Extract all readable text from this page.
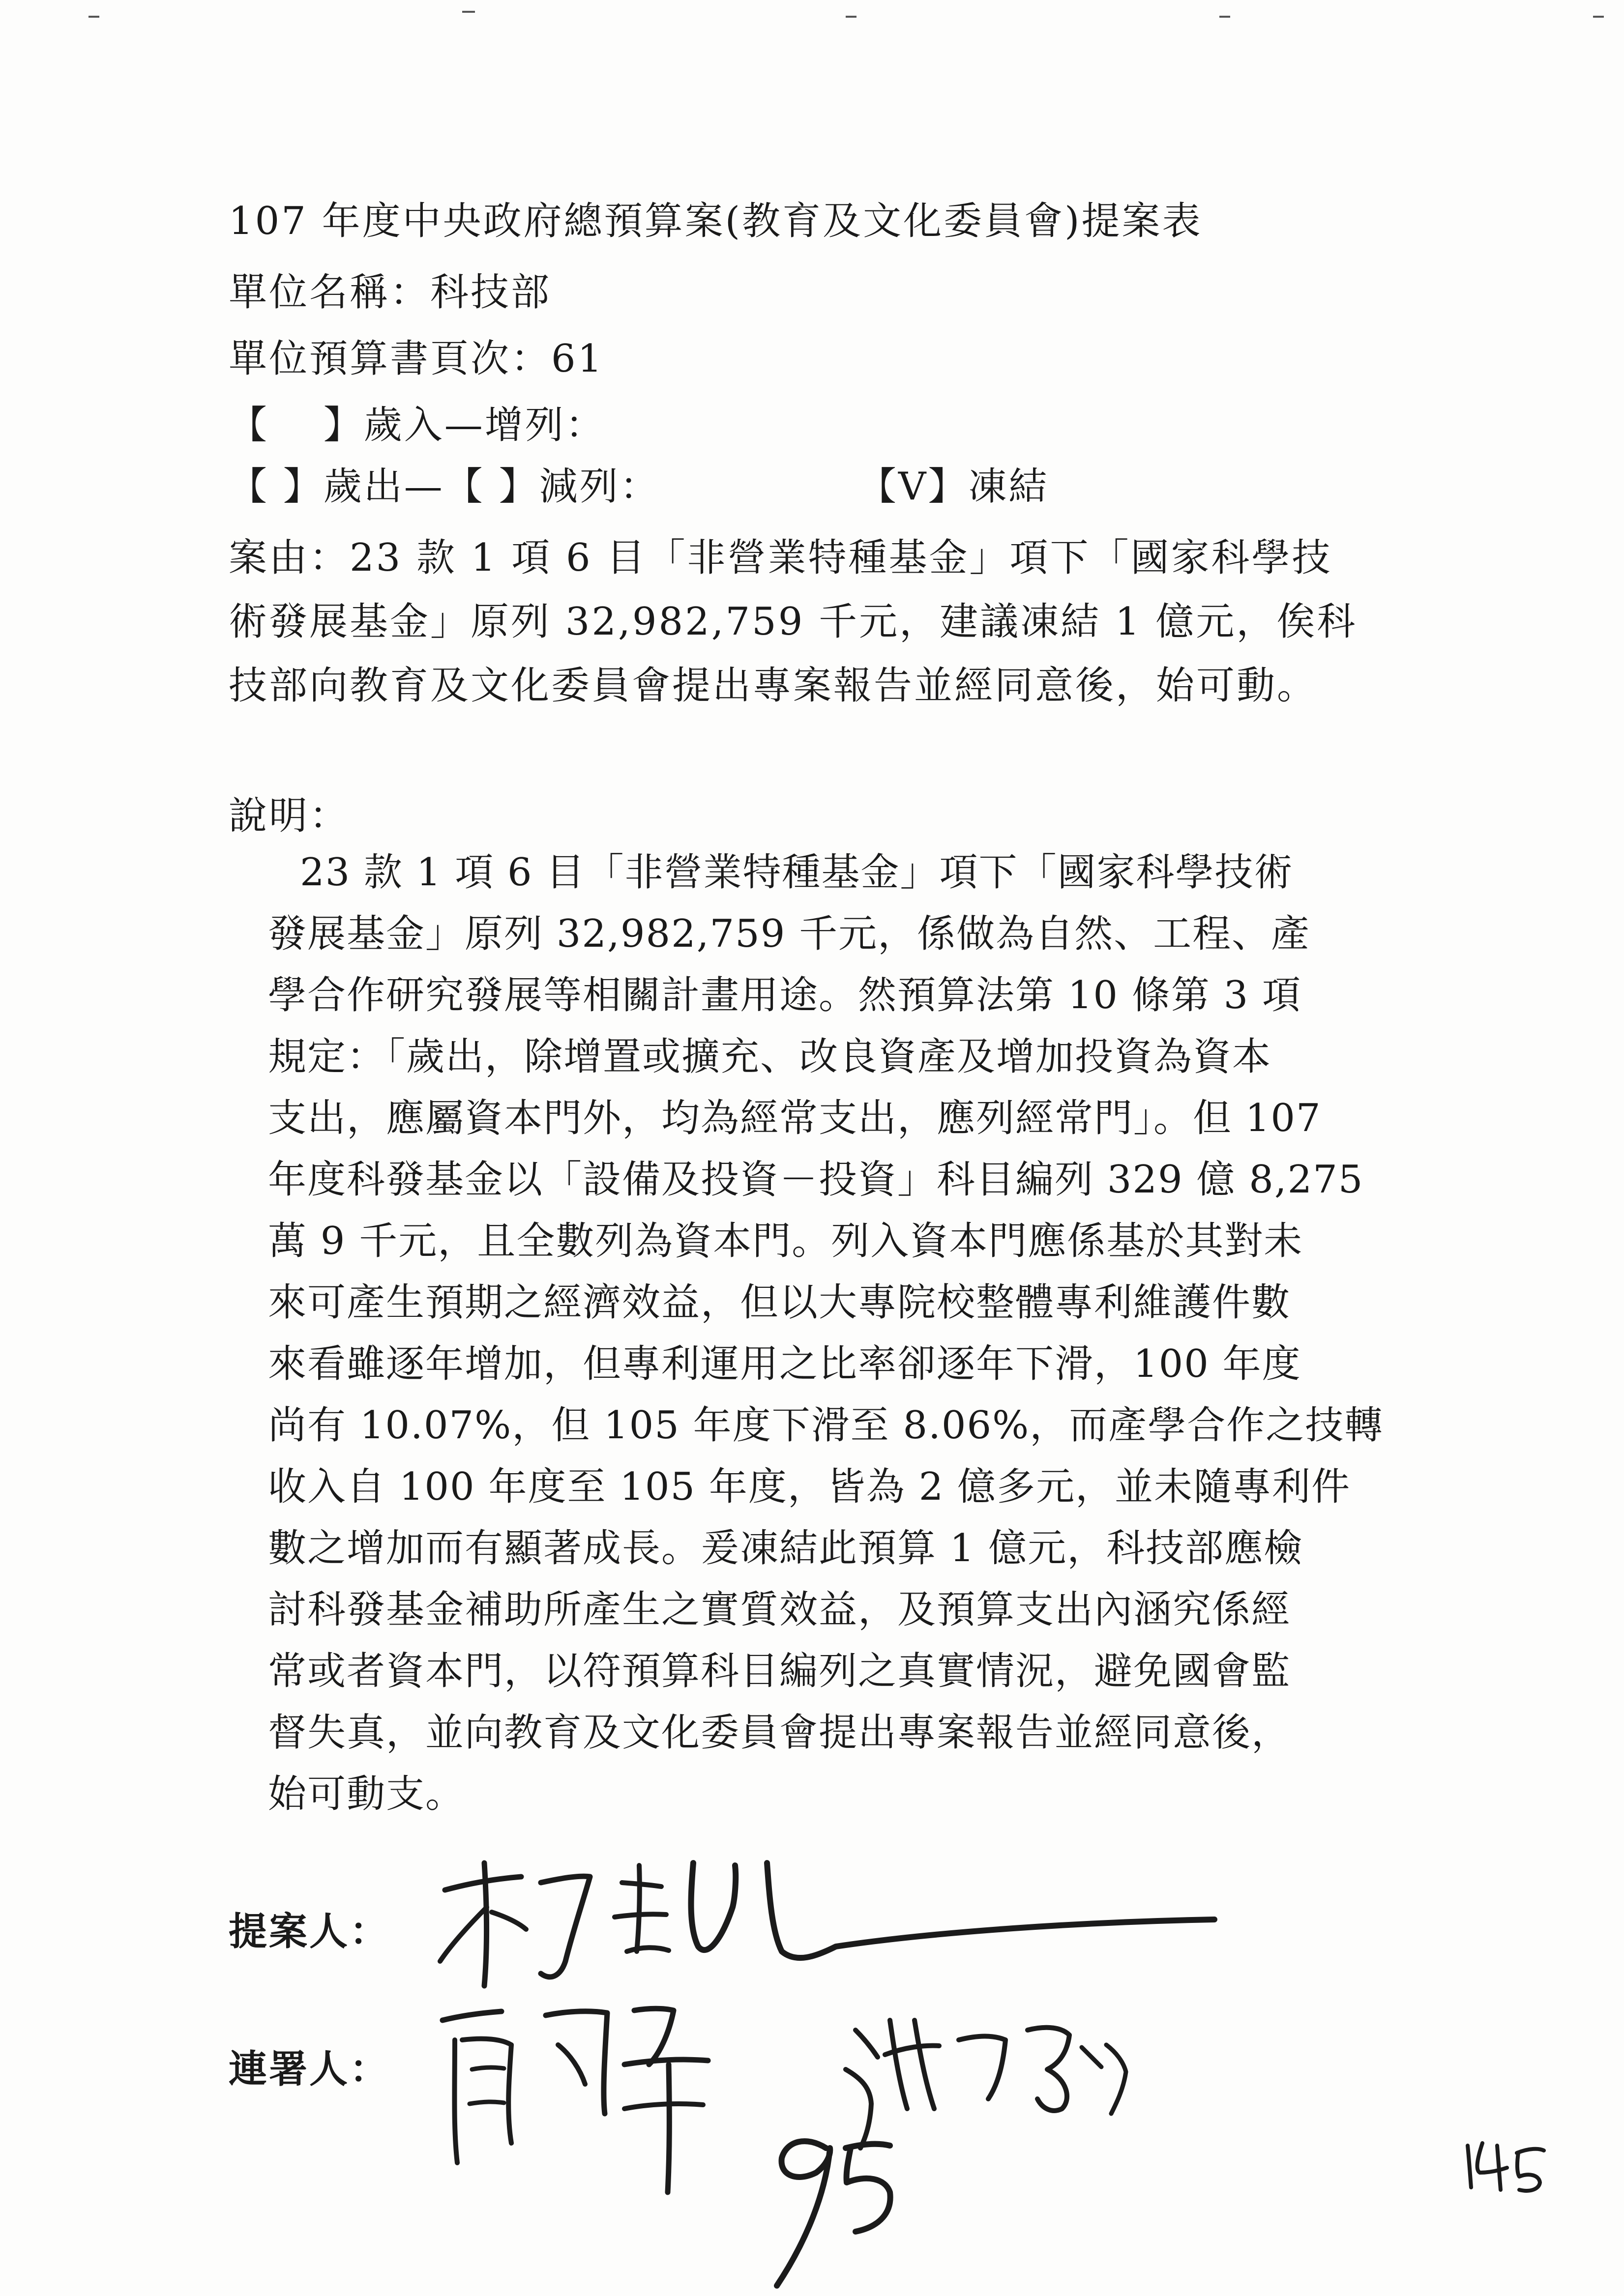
107 年度中央政府總預算案(教育及文化委員會)提案表
單位名稱：科技部
單位預算書頁次：61
【　 】歲入—增列：
【 】歲出—【 】減列：	【V】凍結
案由：23 款 1 項 6 目「非營業特種基金」項下「國家科學技
術發展基金」原列 32,982,759 千元，建議凍結 1 億元，俟科
技部向教育及文化委員會提出專案報告並經同意後，始可動。
說明：
23 款 1 項 6 目「非營業特種基金」項下「國家科學技術
發展基金」原列 32,982,759 千元，係做為自然、工程、產
學合作研究發展等相關計畫用途。然預算法第 10 條第 3 項
規定：「歲出，除增置或擴充、改良資產及增加投資為資本
支出，應屬資本門外，均為經常支出，應列經常門」。但 107
年度科發基金以「設備及投資－投資」科目編列 329 億 8,275
萬 9 千元，且全數列為資本門。列入資本門應係基於其對未
來可產生預期之經濟效益，但以大專院校整體專利維護件數
來看雖逐年增加，但專利運用之比率卻逐年下滑，100 年度
尚有 10.07%，但 105 年度下滑至 8.06%，而產學合作之技轉
收入自 100 年度至 105 年度，皆為 2 億多元，並未隨專利件
數之增加而有顯著成長。爰凍結此預算 1 億元，科技部應檢
討科發基金補助所產生之實質效益，及預算支出內涵究係經
常或者資本門，以符預算科目編列之真實情況，避免國會監
督失真，並向教育及文化委員會提出專案報告並經同意後，
始可動支。
提案人：
連署人：
